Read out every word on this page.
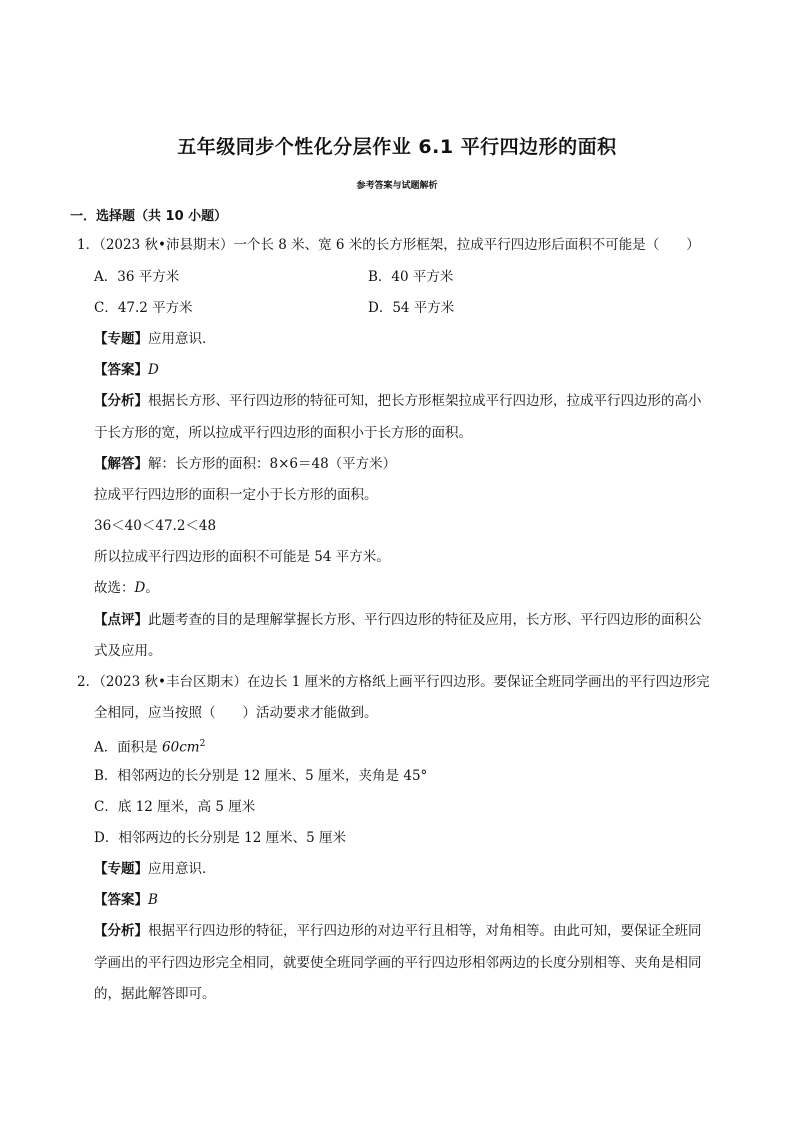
五年级同步个性化分层作业 6.1 平行四边形的面积
参考答案与试题解析
一．选择题（共 10 小题）
1．（2023 秋•沛县期末）一个长 8 米、宽 6 米的长方形框架，拉成平行四边形后面积不可能是（　　）
A．36 平方米	B．40 平方米
C．47.2 平方米	D．54 平方米
【专题】应用意识．
【答案】D
【分析】根据长方形、平行四边形的特征可知，把长方形框架拉成平行四边形，拉成平行四边形的高小
于长方形的宽，所以拉成平行四边形的面积小于长方形的面积。
【解答】解：长方形的面积：8×6＝48（平方米）
拉成平行四边形的面积一定小于长方形的面积。
36＜40＜47.2＜48
所以拉成平行四边形的面积不可能是 54 平方米。
故选：D。
【点评】此题考查的目的是理解掌握长方形、平行四边形的特征及应用，长方形、平行四边形的面积公
式及应用。
2．（2023 秋•丰台区期末）在边长 1 厘米的方格纸上画平行四边形。要保证全班同学画出的平行四边形完
全相同，应当按照（　　）活动要求才能做到。
A．面积是 $60cm^2$
B．相邻两边的长分别是 12 厘米、5 厘米，夹角是 45°
C．底 12 厘米，高 5 厘米
D．相邻两边的长分别是 12 厘米、5 厘米
【专题】应用意识．
【答案】B
【分析】根据平行四边形的特征，平行四边形的对边平行且相等，对角相等。由此可知，要保证全班同
学画出的平行四边形完全相同，就要使全班同学画的平行四边形相邻两边的长度分别相等、夹角是相同
的，据此解答即可。
